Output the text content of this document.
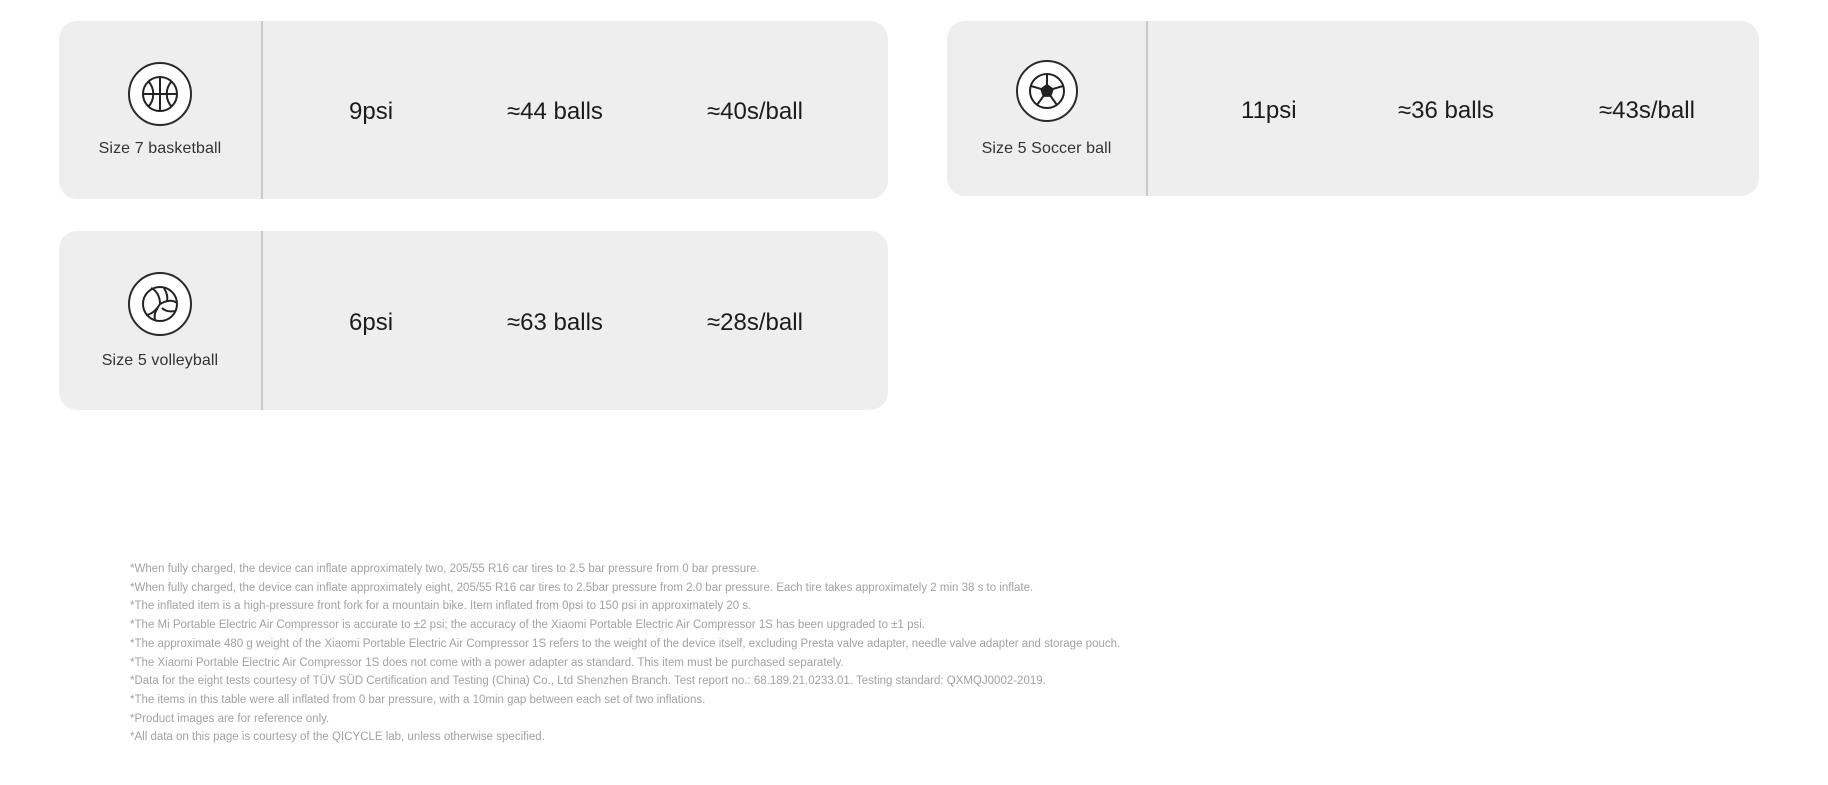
Size 7 basketball
9psi	≈44 balls	≈40s/ball
Size 5 Soccer ball
11psi	≈36 balls	≈43s/ball
Size 5 volleyball
6psi	≈63 balls	≈28s/ball
*When fully charged, the device can inflate approximately two, 205/55 R16 car tires to 2.5 bar pressure from 0 bar pressure.
*When fully charged, the device can inflate approximately eight, 205/55 R16 car tires to 2.5bar pressure from 2.0 bar pressure. Each tire takes approximately 2 min 38 s to inflate.
*The inflated item is a high-pressure front fork for a mountain bike. Item inflated from 0psi to 150 psi in approximately 20 s.
*The Mi Portable Electric Air Compressor is accurate to ±2 psi; the accuracy of the Xiaomi Portable Electric Air Compressor 1S has been upgraded to ±1 psi.
*The approximate 480 g weight of the Xiaomi Portable Electric Air Compressor 1S refers to the weight of the device itself, excluding Presta valve adapter, needle valve adapter and storage pouch.
*The Xiaomi Portable Electric Air Compressor 1S does not come with a power adapter as standard. This item must be purchased separately.
*Data for the eight tests courtesy of TÜV SÜD Certification and Testing (China) Co., Ltd Shenzhen Branch. Test report no.: 68.189.21.0233.01. Testing standard: QXMQJ0002-2019.
*The items in this table were all inflated from 0 bar pressure, with a 10min gap between each set of two inflations.
*Product images are for reference only.
*All data on this page is courtesy of the QICYCLE lab, unless otherwise specified.
